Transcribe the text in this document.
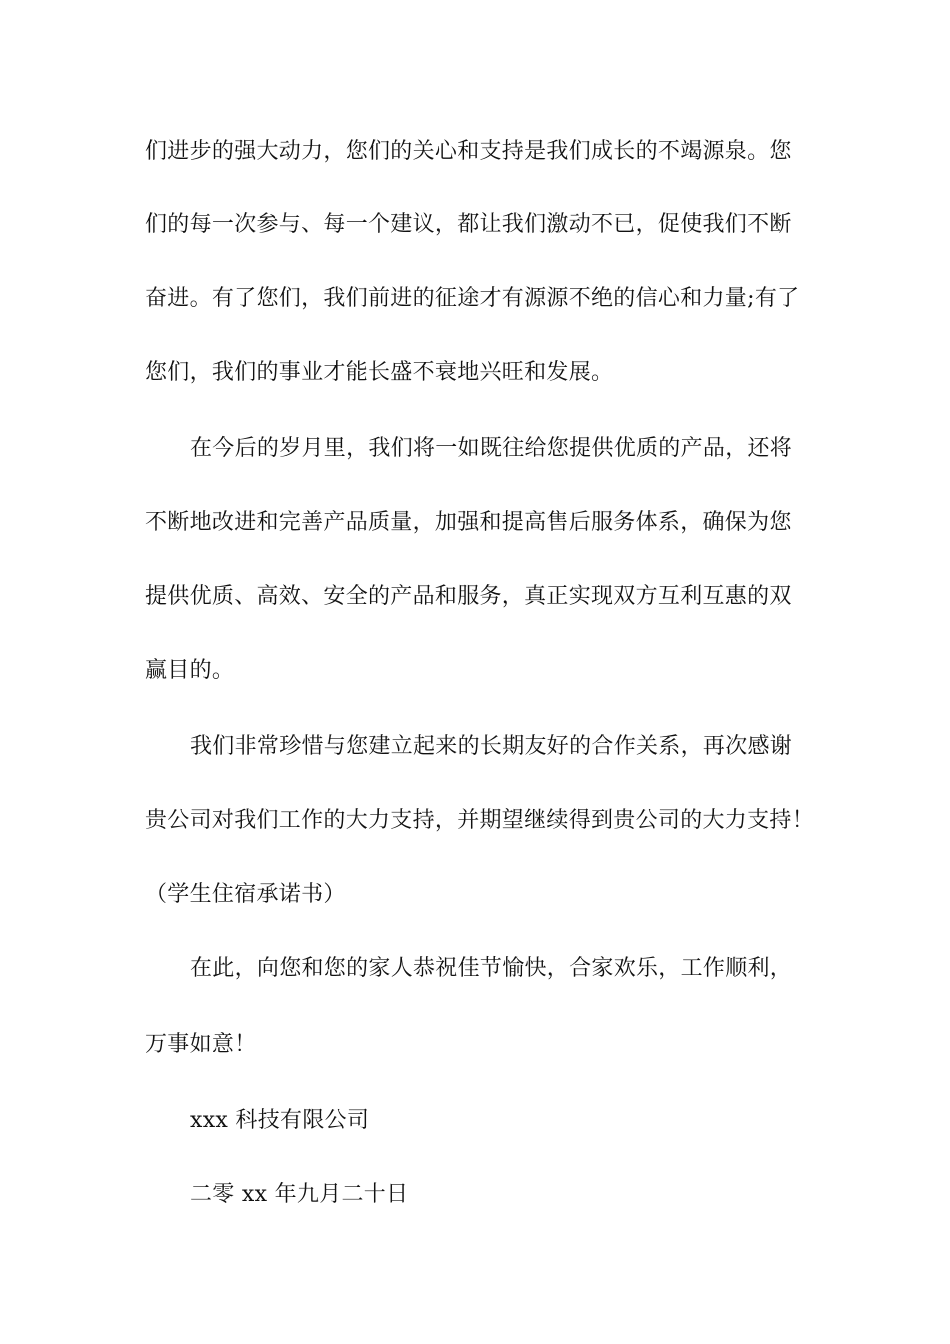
们进步的强大动力，您们的关心和支持是我们成长的不竭源泉。您
们的每一次参与、每一个建议，都让我们激动不已，促使我们不断
奋进。有了您们，我们前进的征途才有源源不绝的信心和力量;有了
您们，我们的事业才能长盛不衰地兴旺和发展。
在今后的岁月里，我们将一如既往给您提供优质的产品，还将
不断地改进和完善产品质量，加强和提高售后服务体系，确保为您
提供优质、高效、安全的产品和服务，真正实现双方互利互惠的双
赢目的。
我们非常珍惜与您建立起来的长期友好的合作关系，再次感谢
贵公司对我们工作的大力支持，并期望继续得到贵公司的大力支持！
（学生住宿承诺书）
在此，向您和您的家人恭祝佳节愉快，合家欢乐，工作顺利，
万事如意！
xxx 科技有限公司
二零 xx 年九月二十日
